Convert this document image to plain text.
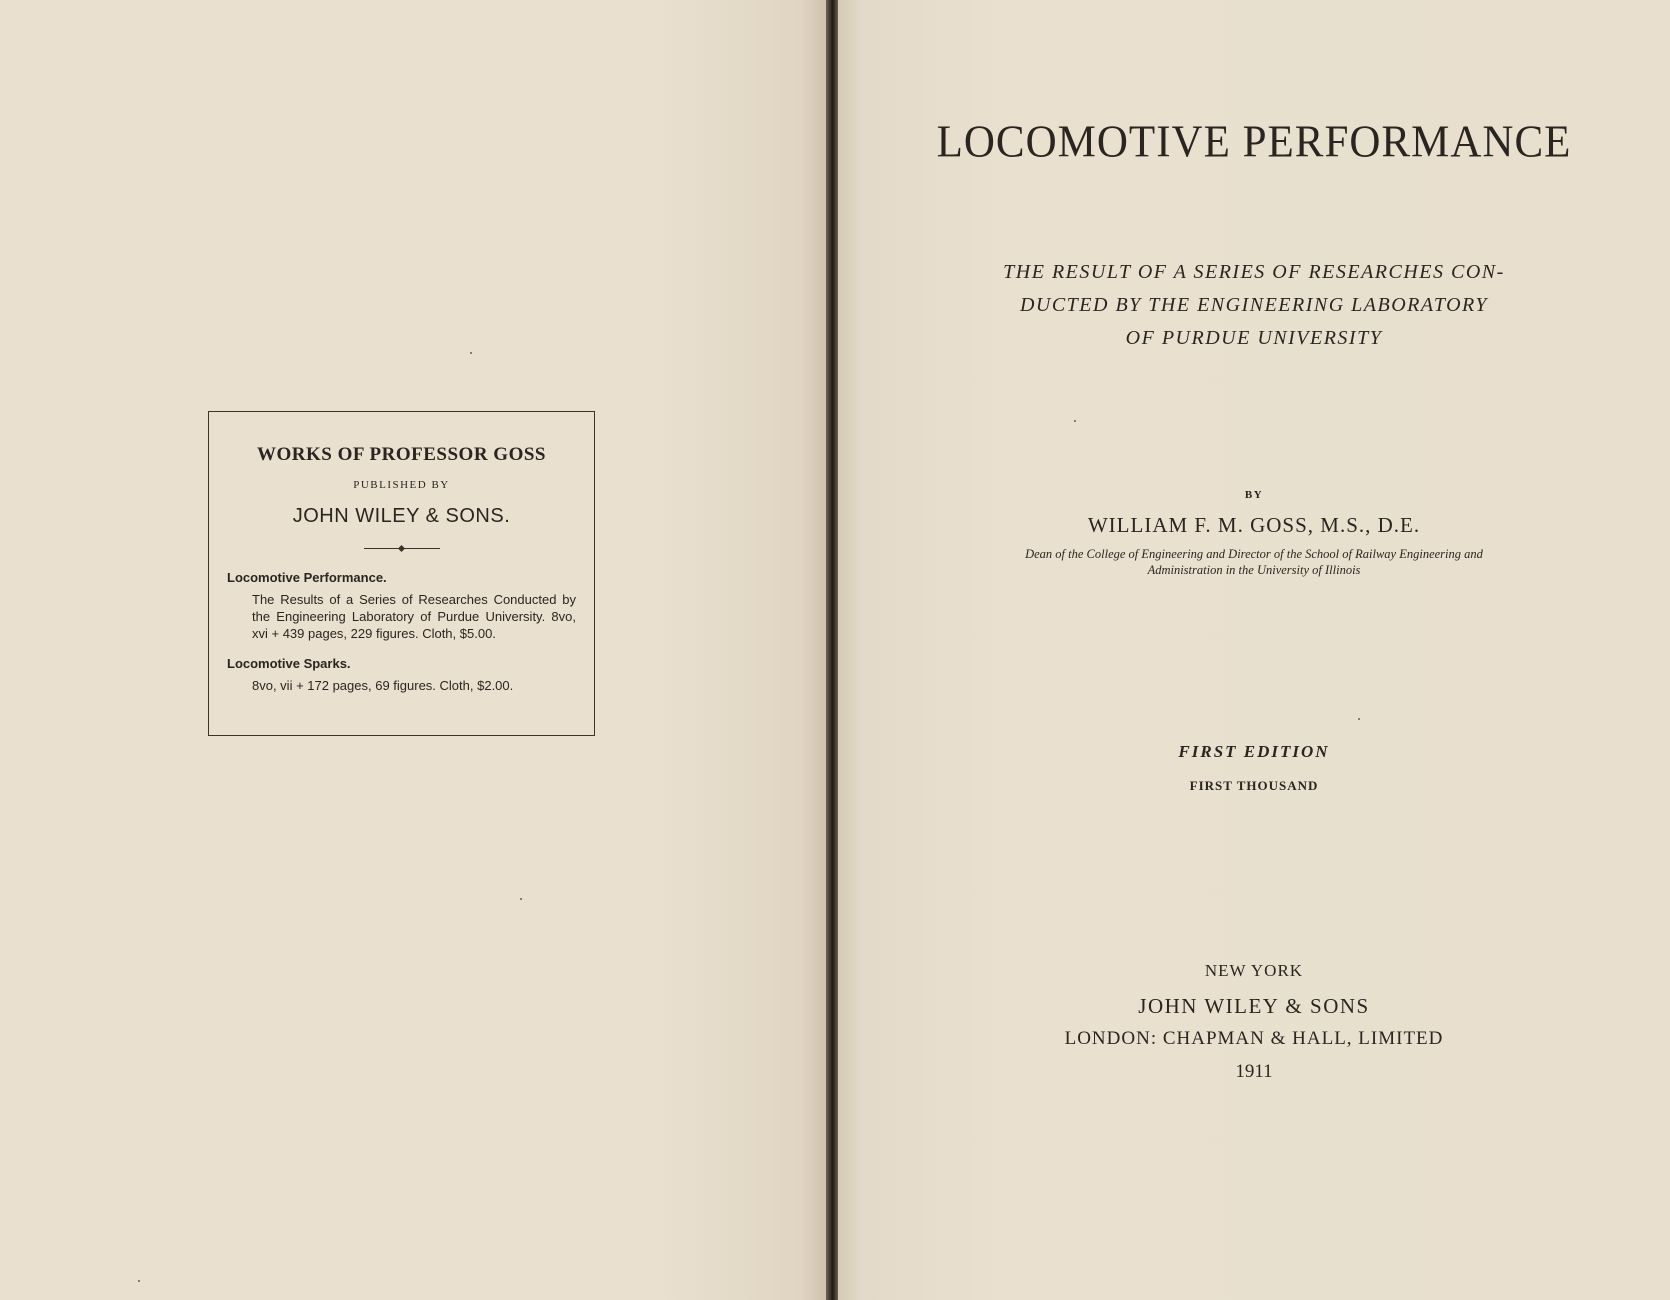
WORKS OF PROFESSOR GOSS
PUBLISHED BY
JOHN WILEY & SONS.
Locomotive Performance.
The Results of a Series of Researches Conducted by the Engineering Laboratory of Purdue University. 8vo, xvi + 439 pages, 229 figures. Cloth, $5.00.
Locomotive Sparks.
8vo, vii + 172 pages, 69 figures. Cloth, $2.00.
LOCOMOTIVE PERFORMANCE
THE RESULT OF A SERIES OF RESEARCHES CON-
DUCTED BY THE ENGINEERING LABORATORY
OF PURDUE UNIVERSITY
BY
WILLIAM F. M. GOSS, M.S., D.E.
Dean of the College of Engineering and Director of the School of Railway Engineering and
Administration in the University of Illinois
FIRST EDITION
FIRST THOUSAND
NEW YORK
JOHN WILEY & SONS
LONDON: CHAPMAN & HALL, LIMITED
1911
